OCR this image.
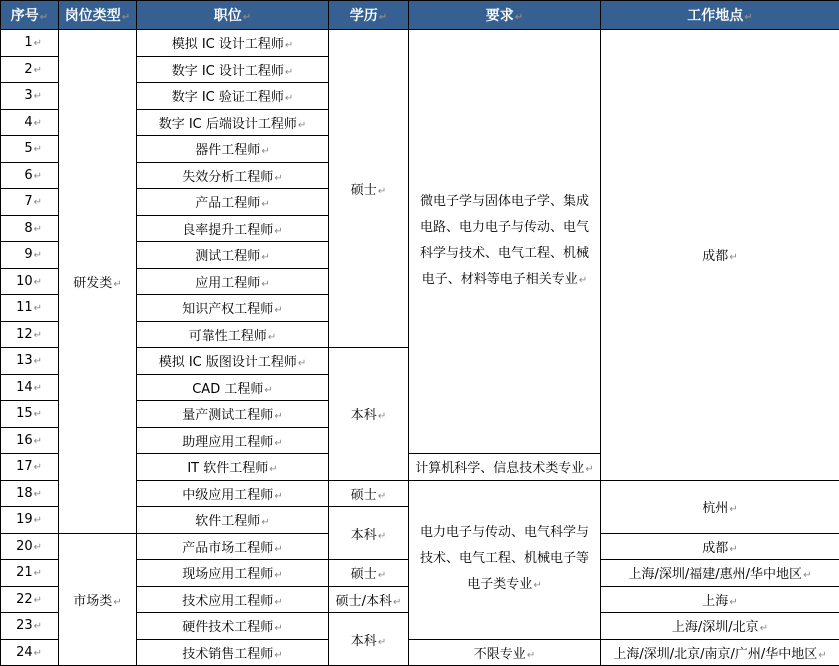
序号↵	岗位类型↵	职位↵	学历↵	要求↵	工作地点↵
1↵	研发类↵	模拟 IC 设计工程师↵	硕士↵	微电子学与固体电子学、集成
电路、电力电子与传动、电气
科学与技术、电气工程、机械
电子、材料等电子相关专业↵	成都↵
2↵		数字 IC 设计工程师↵			
3↵		数字 IC 验证工程师↵			
4↵		数字 IC 后端设计工程师↵			
5↵		器件工程师↵			
6↵		失效分析工程师↵			
7↵		产品工程师↵			
8↵		良率提升工程师↵			
9↵		测试工程师↵			
10↵		应用工程师↵			
11↵		知识产权工程师↵			
12↵		可靠性工程师↵			
13↵		模拟 IC 版图设计工程师↵	本科↵		
14↵		CAD 工程师↵			
15↵		量产测试工程师↵			
16↵		助理应用工程师↵			
17↵		IT 软件工程师↵		计算机科学、信息技术类专业↵	
18↵		中级应用工程师↵	硕士↵	电力电子与传动、电气科学与
技术、电气工程、机械电子等
电子类专业↵	杭州↵
19↵		软件工程师↵	本科↵		
20↵	市场类↵	产品市场工程师↵			成都↵
21↵		现场应用工程师↵	硕士↵		上海/深圳/福建/惠州/华中地区↵
22↵		技术应用工程师↵	硕士/本科↵		上海↵
23↵		硬件技术工程师↵	本科↵		上海/深圳/北京↵
24↵		技术销售工程师↵		不限专业↵	上海/深圳/北京/南京/广州/华中地区↵
